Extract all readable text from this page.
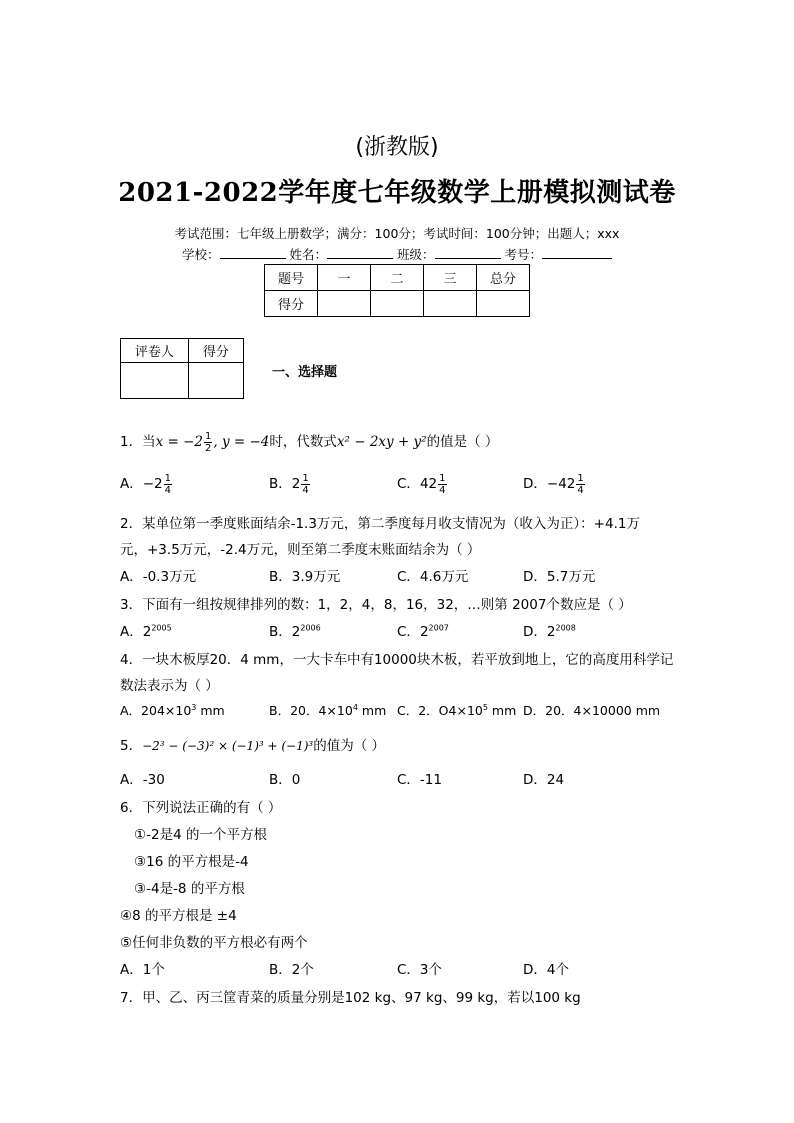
(浙教版)
2021-2022学年度七年级数学上册模拟测试卷
考试范围：七年级上册数学；满分：100分；考试时间：100分钟；出题人；xxx
学校：	姓名：	班级：	考号：
题号	一	二	三	总分
得分				
评卷人	得分

一、选择题
1．当$x = -2 \frac{1}{2}$ , y = −4时，代数式x² − 2xy + y²的值是（ ）
A．$-2 \frac{1}{4}$	B．$2 \frac{1}{4}$	C．$42 \frac{1}{4}$	D．$-42 \frac{1}{4}$
2．某单位第一季度账面结余-1.3万元，第二季度每月收支情况为（收入为正）：+4.1万
元，+3.5万元，-2.4万元，则至第二季度末账面结余为（ ）
A．-0.3万元	B．3.9万元	C．4.6万元	D．5.7万元
3．下面有一组按规律排列的数：1，2，4，8，16，32，…则第 2007个数应是（ ）
A．$2^{2005}$	B．$2^{2006}$	C．$2^{2007}$	D．$2^{2008}$
4．一块木板厚20．4 mm，一大卡车中有10000块木板，若平放到地上，它的高度用科学记
数法表示为（ ）
A．$204\times 10^3$ mm	B．20．$4\times 10^4$ mm C．2．$O4\times 10^5$ mm D．20．4×10000 mm
5．−2³ − (−3)² × (−1)³ + (−1)³的值为（ ）
A．-30	B．0	C．-11	D．24
6．下列说法正确的有（ ）
①-2是4 的一个平方根
③16 的平方根是-4
③-4是-8 的平方根
④8 的平方根是 ±4
⑤任何非负数的平方根必有两个
A．1个	B．2个	C．3个	D．4个
7．甲、乙、丙三筐青菜的质量分别是102 kg、97 kg、99 kg，若以100 kg
